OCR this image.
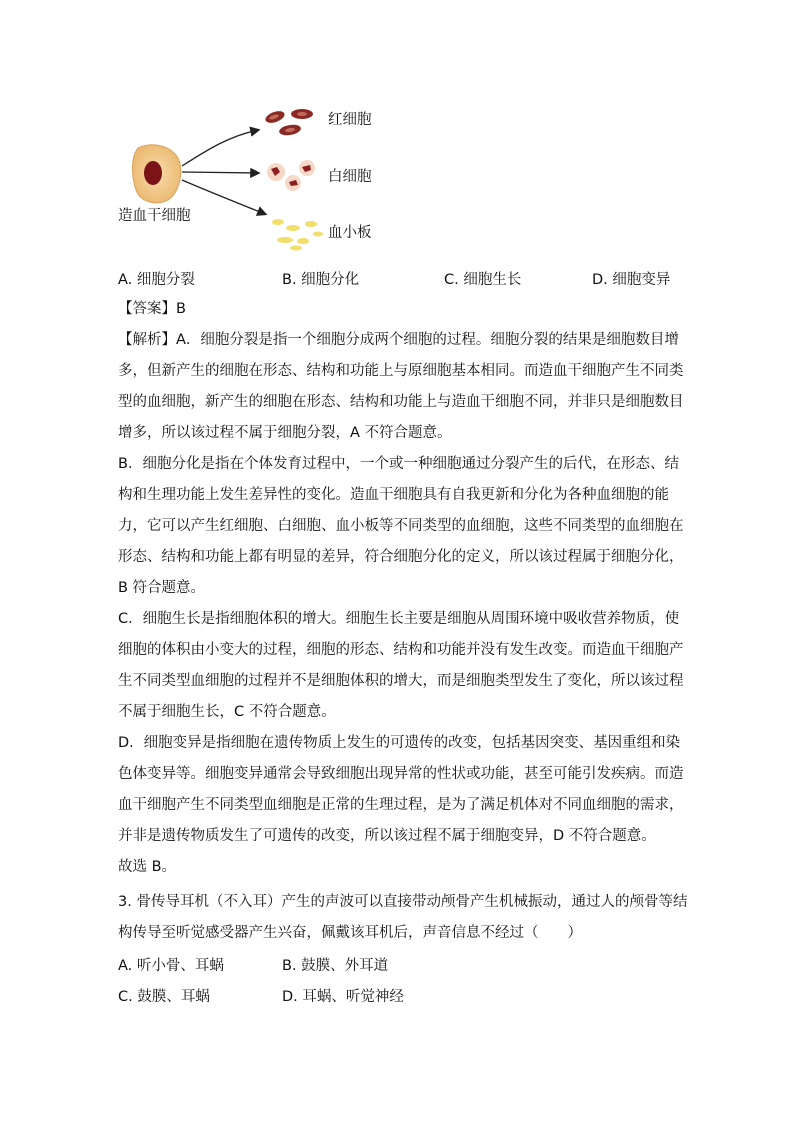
红细胞
白细胞
血小板
造血干细胞
A. 细胞分裂	B. 细胞分化	C. 细胞生长	D. 细胞变异
【答案】B
【解析】A．细胞分裂是指一个细胞分成两个细胞的过程。细胞分裂的结果是细胞数目增
多，但新产生的细胞在形态、结构和功能上与原细胞基本相同。而造血干细胞产生不同类
型的血细胞，新产生的细胞在形态、结构和功能上与造血干细胞不同，并非只是细胞数目
增多，所以该过程不属于细胞分裂，A 不符合题意。
B．细胞分化是指在个体发育过程中，一个或一种细胞通过分裂产生的后代，在形态、结
构和生理功能上发生差异性的变化。造血干细胞具有自我更新和分化为各种血细胞的能
力，它可以产生红细胞、白细胞、血小板等不同类型的血细胞，这些不同类型的血细胞在
形态、结构和功能上都有明显的差异，符合细胞分化的定义，所以该过程属于细胞分化，
B 符合题意。
C．细胞生长是指细胞体积的增大。细胞生长主要是细胞从周围环境中吸收营养物质，使
细胞的体积由小变大的过程，细胞的形态、结构和功能并没有发生改变。而造血干细胞产
生不同类型血细胞的过程并不是细胞体积的增大，而是细胞类型发生了变化，所以该过程
不属于细胞生长，C 不符合题意。
D．细胞变异是指细胞在遗传物质上发生的可遗传的改变，包括基因突变、基因重组和染
色体变异等。细胞变异通常会导致细胞出现异常的性状或功能，甚至可能引发疾病。而造
血干细胞产生不同类型血细胞是正常的生理过程，是为了满足机体对不同血细胞的需求，
并非是遗传物质发生了可遗传的改变，所以该过程不属于细胞变异，D 不符合题意。
故选 B。
3. 骨传导耳机（不入耳）产生的声波可以直接带动颅骨产生机械振动，通过人的颅骨等结
构传导至听觉感受器产生兴奋，佩戴该耳机后，声音信息不经过（　　）
A. 听小骨、耳蜗	B. 鼓膜、外耳道
C. 鼓膜、耳蜗	D. 耳蜗、听觉神经
